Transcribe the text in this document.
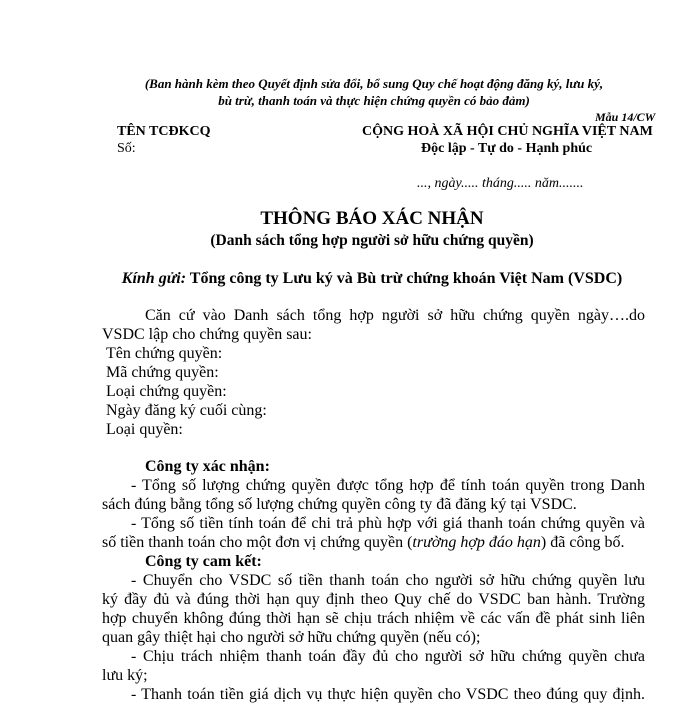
(Ban hành kèm theo Quyết định sửa đổi, bổ sung Quy chế hoạt động đăng ký, lưu ký,
bù trừ, thanh toán và thực hiện chứng quyền có bảo đảm)
Mẫu 14/CW
TÊN TCĐKCQ
Số:
CỘNG HOÀ XÃ HỘI CHỦ NGHĨA VIỆT NAM
Độc lập - Tự do - Hạnh phúc
..., ngày..... tháng..... năm.......
THÔNG BÁO XÁC NHẬN
(Danh sách tổng hợp người sở hữu chứng quyền)
Kính gửi: Tổng công ty Lưu ký và Bù trừ chứng khoán Việt Nam (VSDC)
Căn cứ vào Danh sách tổng hợp người sở hữu chứng quyền ngày….do
VSDC lập cho chứng quyền sau:
Tên chứng quyền:
Mã chứng quyền:
Loại chứng quyền:
Ngày đăng ký cuối cùng:
Loại quyền:
Công ty xác nhận:
- Tổng số lượng chứng quyền được tổng hợp để tính toán quyền trong Danh
sách đúng bằng tổng số lượng chứng quyền công ty đã đăng ký tại VSDC.
- Tổng số tiền tính toán để chi trả phù hợp với giá thanh toán chứng quyền và
số tiền thanh toán cho một đơn vị chứng quyền (trường hợp đáo hạn) đã công bố.
Công ty cam kết:
- Chuyển cho VSDC số tiền thanh toán cho người sở hữu chứng quyền lưu
ký đầy đủ và đúng thời hạn quy định theo Quy chế do VSDC ban hành. Trường
hợp chuyển không đúng thời hạn sẽ chịu trách nhiệm về các vấn đề phát sinh liên
quan gây thiệt hại cho người sở hữu chứng quyền (nếu có);
- Chịu trách nhiệm thanh toán đầy đủ cho người sở hữu chứng quyền chưa
lưu ký;
- Thanh toán tiền giá dịch vụ thực hiện quyền cho VSDC theo đúng quy định.
